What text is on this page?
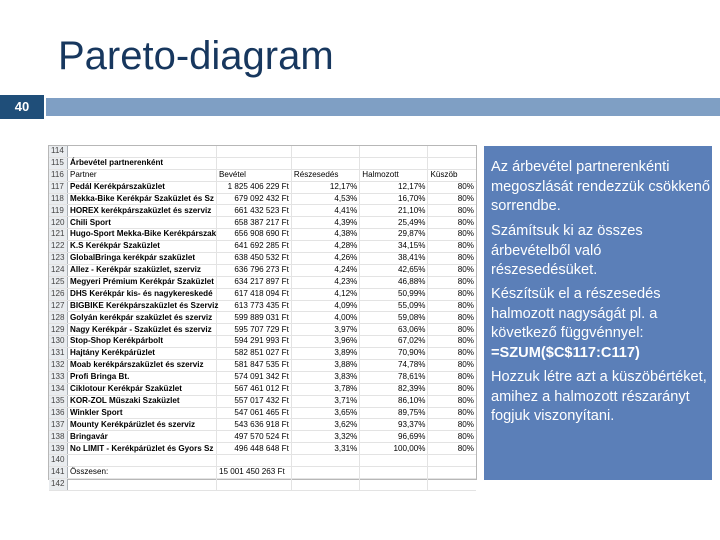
Pareto-diagram
40
114					
115	Árbevétel partnerenként				
116	Partner	Bevétel	Részesedés	Halmozott	Küszöb
117	Pedál Kerékpárszaküzlet	1 825 406 229 Ft	12,17%	12,17%	80%
118	Mekka-Bike Kerékpár Szaküzlet és Sz	679 092 432 Ft	4,53%	16,70%	80%
119	HOREX kerékpárszaküzlet és szerviz	661 432 523 Ft	4,41%	21,10%	80%
120	Chili Sport	658 387 217 Ft	4,39%	25,49%	80%
121	Hugo-Sport Mekka-Bike Kerékpárszak	656 908 690 Ft	4,38%	29,87%	80%
122	K.S Kerékpár Szaküzlet	641 692 285 Ft	4,28%	34,15%	80%
123	GlobalBringa kerékpár szaküzlet	638 450 532 Ft	4,26%	38,41%	80%
124	Allez - Kerékpár szaküzlet, szerviz	636 796 273 Ft	4,24%	42,65%	80%
125	Megyeri Prémium Kerékpár Szaküzlet	634 217 897 Ft	4,23%	46,88%	80%
126	DHS Kerékpár kis- és nagykereskedé	617 418 094 Ft	4,12%	50,99%	80%
127	BIGBIKE Kerékpárszaküzlet és Szerviz	613 773 435 Ft	4,09%	55,09%	80%
128	Golyán kerékpár szaküzlet és szerviz	599 889 031 Ft	4,00%	59,08%	80%
129	Nagy Kerékpár - Szaküzlet és szerviz	595 707 729 Ft	3,97%	63,06%	80%
130	Stop-Shop Kerékpárbolt	594 291 993 Ft	3,96%	67,02%	80%
131	Hajtány Kerékpárüzlet	582 851 027 Ft	3,89%	70,90%	80%
132	Moab kerékpárszaküzlet és szerviz	581 847 535 Ft	3,88%	74,78%	80%
133	Profi Bringa Bt.	574 091 342 Ft	3,83%	78,61%	80%
134	Ciklotour Kerékpár Szaküzlet	567 461 012 Ft	3,78%	82,39%	80%
135	KOR-ZOL Műszaki Szaküzlet	557 017 432 Ft	3,71%	86,10%	80%
136	Winkler Sport	547 061 465 Ft	3,65%	89,75%	80%
137	Mounty Kerékpárüzlet és szerviz	543 636 918 Ft	3,62%	93,37%	80%
138	Bringavár	497 570 524 Ft	3,32%	96,69%	80%
139	No LIMIT - Kerékpárüzlet és Gyors Sz	496 448 648 Ft	3,31%	100,00%	80%
140					
141	Összesen:	15 001 450 263 Ft			
142					
Az árbevétel partnerenkénti megoszlását rendezzük csökkenő sorrendbe.
Számítsuk ki az összes árbevételből való részesedésüket.
Készítsük el a részesedés halmozott nagyságát pl. a következő függvénnyel:
=SZUM($C$117:C117)
Hozzuk létre azt a küszöbértéket, amihez a halmozott részarányt fogjuk viszonyítani.
